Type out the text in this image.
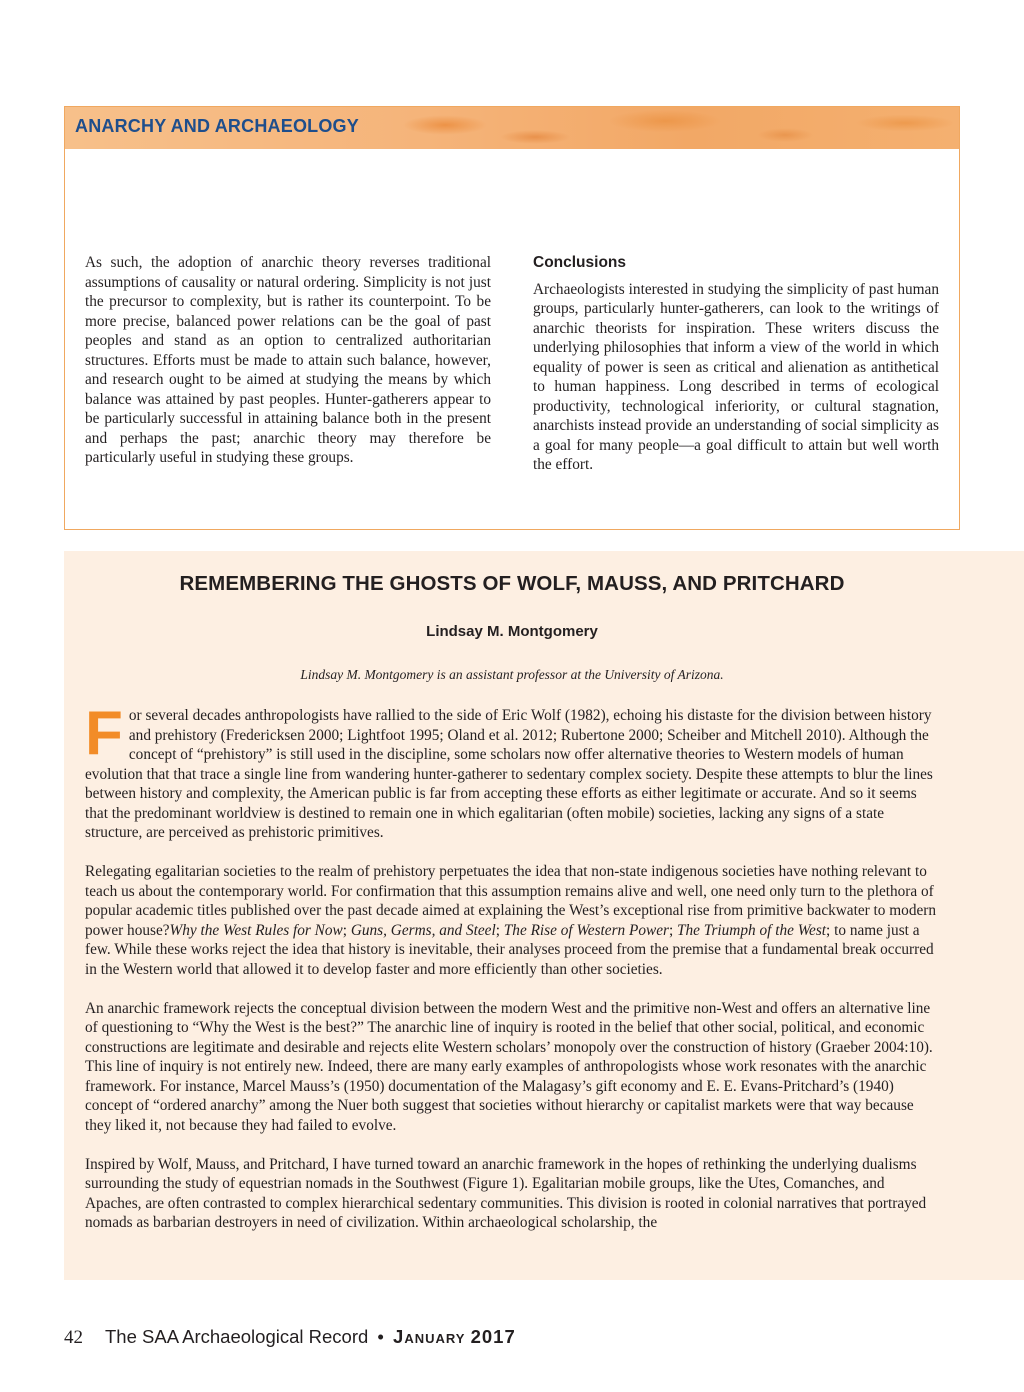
ANARCHY AND ARCHAEOLOGY
As such, the adoption of anarchic theory reverses traditional assumptions of causality or natural ordering. Simplicity is not just the precursor to complexity, but is rather its counterpoint. To be more precise, balanced power relations can be the goal of past peoples and stand as an option to centralized authoritarian structures. Efforts must be made to attain such balance, however, and research ought to be aimed at studying the means by which balance was attained by past peoples. Hunter-gatherers appear to be particularly successful in attaining balance both in the present and perhaps the past; anarchic theory may therefore be particularly useful in studying these groups.
Conclusions
Archaeologists interested in studying the simplicity of past human groups, particularly hunter-gatherers, can look to the writings of anarchic theorists for inspiration. These writers discuss the underlying philosophies that inform a view of the world in which equality of power is seen as critical and alienation as antithetical to human happiness. Long described in terms of ecological productivity, technological inferiority, or cultural stagnation, anarchists instead provide an understanding of social simplicity as a goal for many people—a goal difficult to attain but well worth the effort.
REMEMBERING THE GHOSTS OF WOLF, MAUSS, AND PRITCHARD
Lindsay M. Montgomery
Lindsay M. Montgomery is an assistant professor at the University of Arizona.

For several decades anthropologists have rallied to the side of Eric Wolf (1982), echoing his distaste for the division between history and prehistory (Fredericksen 2000; Lightfoot 1995; Oland et al. 2012; Rubertone 2000; Scheiber and Mitchell 2010). Although the concept of “prehistory” is still used in the discipline, some scholars now offer alternative theories to Western models of human evolution that that trace a single line from wandering hunter-gatherer to sedentary complex society. Despite these attempts to blur the lines between history and complexity, the American public is far from accepting these efforts as either legitimate or accurate. And so it seems that the predominant worldview is destined to remain one in which egalitarian (often mobile) societies, lacking any signs of a state structure, are perceived as prehistoric primitives.

Relegating egalitarian societies to the realm of prehistory perpetuates the idea that non-state indigenous societies have nothing relevant to teach us about the contemporary world. For confirmation that this assumption remains alive and well, one need only turn to the plethora of popular academic titles published over the past decade aimed at explaining the West’s exceptional rise from primitive backwater to modern power house?Why the West Rules for Now; Guns, Germs, and Steel; The Rise of Western Power; The Triumph of the West; to name just a few. While these works reject the idea that history is inevitable, their analyses proceed from the premise that a fundamental break occurred in the Western world that allowed it to develop faster and more efficiently than other societies.

An anarchic framework rejects the conceptual division between the modern West and the primitive non-West and offers an alternative line of questioning to “Why the West is the best?” The anarchic line of inquiry is rooted in the belief that other social, political, and economic constructions are legitimate and desirable and rejects elite Western scholars’ monopoly over the construction of history (Graeber 2004:10). This line of inquiry is not entirely new. Indeed, there are many early examples of anthropologists whose work resonates with the anarchic framework. For instance, Marcel Mauss’s (1950) documentation of the Malagasy’s gift economy and E. E. Evans-Pritchard’s (1940) concept of “ordered anarchy” among the Nuer both suggest that societies without hierarchy or capitalist markets were that way because they liked it, not because they had failed to evolve.

Inspired by Wolf, Mauss, and Pritchard, I have turned toward an anarchic framework in the hopes of rethinking the underlying dualisms surrounding the study of equestrian nomads in the Southwest (Figure 1). Egalitarian mobile groups, like the Utes, Comanches, and Apaches, are often contrasted to complex hierarchical sedentary communities. This division is rooted in colonial narratives that portrayed nomads as barbarian destroyers in need of civilization. Within archaeological scholarship, the

42 The SAA Archaeological Record • January 2017
